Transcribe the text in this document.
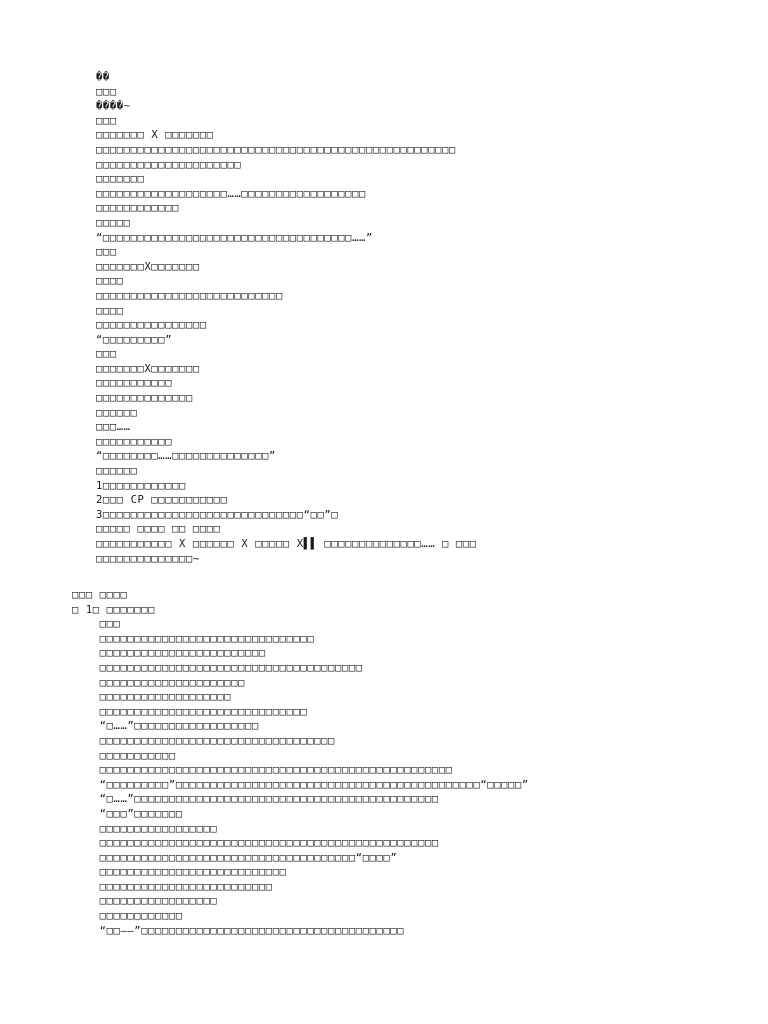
��
□□□
����~
□□□
□□□□□□□ X □□□□□□□
□□□□□□□□□□□□□□□□□□□□□□□□□□□□□□□□□□□□□□□□□□□□□□□□□□□□
□□□□□□□□□□□□□□□□□□□□□
□□□□□□□
□□□□□□□□□□□□□□□□□□□……□□□□□□□□□□□□□□□□□□
□□□□□□□□□□□□
□□□□□
“□□□□□□□□□□□□□□□□□□□□□□□□□□□□□□□□□□□□……”
□□□
□□□□□□□X□□□□□□□
□□□□
□□□□□□□□□□□□□□□□□□□□□□□□□□□
□□□□
□□□□□□□□□□□□□□□□
“□□□□□□□□□”
□□□
□□□□□□□X□□□□□□□
□□□□□□□□□□□
□□□□□□□□□□□□□□
□□□□□□
□□□……
□□□□□□□□□□□
“□□□□□□□□……□□□□□□□□□□□□□□”
□□□□□□
1□□□□□□□□□□□□
2□□□ CP □□□□□□□□□□□
3□□□□□□□□□□□□□□□□□□□□□□□□□□□□□“□□”□
□□□□□ □□□□ □□ □□□□
□□□□□□□□□□□ X □□□□□□ X □□□□□ X▌▌ □□□□□□□□□□□□□□…… □ □□□
□□□□□□□□□□□□□□~
□□□ □□□□
□ 1□ □□□□□□□
□□□
□□□□□□□□□□□□□□□□□□□□□□□□□□□□□□□
□□□□□□□□□□□□□□□□□□□□□□□□
□□□□□□□□□□□□□□□□□□□□□□□□□□□□□□□□□□□□□□
□□□□□□□□□□□□□□□□□□□□□
□□□□□□□□□□□□□□□□□□□
□□□□□□□□□□□□□□□□□□□□□□□□□□□□□□
“□……”□□□□□□□□□□□□□□□□□□
□□□□□□□□□□□□□□□□□□□□□□□□□□□□□□□□□□
□□□□□□□□□□□
□□□□□□□□□□□□□□□□□□□□□□□□□□□□□□□□□□□□□□□□□□□□□□□□□□□
“□□□□□□□□□”□□□□□□□□□□□□□□□□□□□□□□□□□□□□□□□□□□□□□□□□□□□□“□□□□□”
“□……”□□□□□□□□□□□□□□□□□□□□□□□□□□□□□□□□□□□□□□□□□□□□
“□□□”□□□□□□□
□□□□□□□□□□□□□□□□□
□□□□□□□□□□□□□□□□□□□□□□□□□□□□□□□□□□□□□□□□□□□□□□□□□
□□□□□□□□□□□□□□□□□□□□□□□□□□□□□□□□□□□□□“□□□□”
□□□□□□□□□□□□□□□□□□□□□□□□□□□
□□□□□□□□□□□□□□□□□□□□□□□□□
□□□□□□□□□□□□□□□□□
□□□□□□□□□□□□
“□□——”□□□□□□□□□□□□□□□□□□□□□□□□□□□□□□□□□□□□□□
